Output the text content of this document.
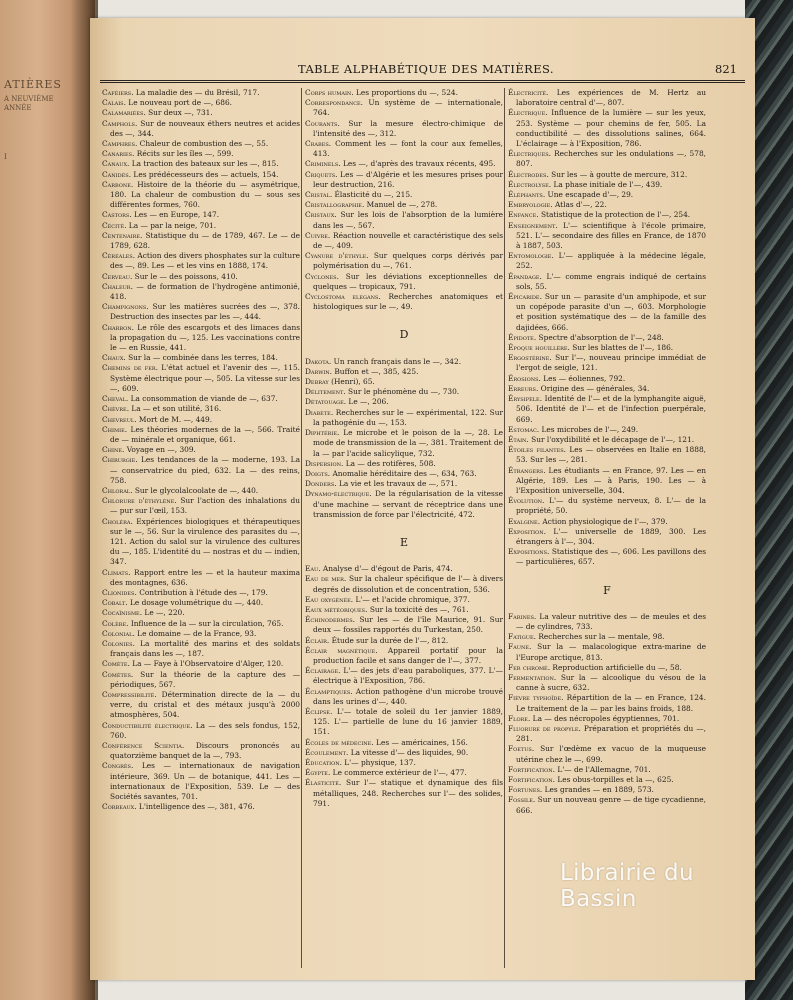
ATIÈRES
A NEUVIÈME ANNÉE
I
TABLE ALPHABÉTIQUE DES MATIÈRES.	821

Caféiers. La maladie des — du Brésil, 717.

Calais. Le nouveau port de —, 686.

Calamariées. Sur deux —, 731.

Camphols. Sur de nouveaux éthers neutres et acides des —, 344.

Camphres. Chaleur de combustion des —, 55.

Canaries. Récits sur les îles —, 599.

Canaux. La traction des bateaux sur les —, 815.

Canidés. Les prédécesseurs des — actuels, 154.

Carbone. Histoire de la théorie du — asymétrique, 180. La chaleur de combustion du — sous ses différentes formes, 760.

Castors. Les — en Europe, 147.

Cécité. La — par la neige, 701.

Centenaire. Statistique du — de 1789, 467. Le — de 1789, 628.

Céréales. Action des divers phosphates sur la culture des —, 89. Les — et les vins en 1888, 174.

Cerveau. Sur le — des poissons, 410.

Chaleur. — de formation de l'hydrogène antimonié, 418.

Champignons. Sur les matières sucrées des —, 378. Destruction des insectes par les —, 444.

Charbon. Le rôle des escargots et des limaces dans la propagation du —, 125. Les vaccinations contre le — en Russie, 441.

Chaux. Sur la — combinée dans les terres, 184.

Chemins de fer. L'état actuel et l'avenir des —, 115. Système électrique pour —, 505. La vitesse sur les —, 609.

Cheval. La consommation de viande de —, 637.

Chèvre. La — et son utilité, 316.

Chevreul. Mort de M. —, 449.

Chimie. Les théories modernes de la —, 566. Traité de — minérale et organique, 661.

Chine. Voyage en —, 309.

Chirurgie. Les tendances de la — moderne, 193. La — conservatrice du pied, 632. La — des reins, 758.

Chloral. Sur le glycolalcoolate de —, 440.

Chlorure d'éthylène. Sur l'action des inhalations du — pur sur l'œil, 153.

Choléra. Expériences biologiques et thérapeutiques sur le —, 56. Sur la virulence des parasites du —, 121. Action du salol sur la virulence des cultures du —, 185. L'identité du — nostras et du — indien, 347.

Climats. Rapport entre les — et la hauteur maxima des montagnes, 636.

Clionides. Contribution à l'étude des —, 179.

Cobalt. Le dosage volumétrique du —, 440.

Cocaïnisme. Le —, 220.

Colère. Influence de la — sur la circulation, 765.

Colonial. Le domaine — de la France, 93.

Colonies. La mortalité des marins et des soldats français dans les —, 187.

Comète. La — Faye à l'Observatoire d'Alger, 120.

Comètes. Sur la théorie de la capture des — périodiques, 567.

Compressibilité. Détermination directe de la — du verre, du cristal et des métaux jusqu'à 2000 atmosphères, 504.

Conductibilité électrique. La — des sels fondus, 152, 760.

Conférence Scientia. Discours prononcés au quatorzième banquet de la —, 793.

Congrès. Les — internationaux de navigation intérieure, 369. Un — de botanique, 441. Les — internationaux de l'Exposition, 539. Le — des Sociétés savantes, 701.

Corbeaux. L'intelligence des —, 381, 476.

Corps humain. Les proportions du —, 524.

Correspondance. Un système de — internationale, 764.

Courants. Sur la mesure électro-chimique de l'intensité des —, 312.

Crabes. Comment les — font la cour aux femelles, 413.

Criminels. Les —, d'après des travaux récents, 495.

Criquets. Les — d'Algérie et les mesures prises pour leur destruction, 216.

Cristal. Élasticité du —, 215.

Cristallographie. Manuel de —, 278.

Cristaux. Sur les lois de l'absorption de la lumière dans les —, 567.

Cuivre. Réaction nouvelle et caractéristique des sels de —, 409.

Cyanure d'éthyle. Sur quelques corps dérivés par polymérisation du —, 761.

Cyclones. Sur les déviations exceptionnelles de quelques — tropicaux, 791.

Cyclostoma elegans. Recherches anatomiques et histologiques sur le —, 49.

D

Dakota. Un ranch français dans le —, 342.

Darwin. Buffon et —, 385, 425.

Debray (Henri), 65.

Délitement. Sur le phénomène du —, 730.

Détatouage. Le —, 206.

Diabète. Recherches sur le — expérimental, 122. Sur la pathogénie du —, 153.

Diphtérie. Le microbe et le poison de la —, 28. Le mode de transmission de la —, 381. Traitement de la — par l'acide salicylique, 732.

Dispersion. La — des rotifères, 508.

Doigts. Anomalie héréditaire des —, 634, 763.

Donders. La vie et les travaux de —, 571.

Dynamo-électrique. De la régularisation de la vitesse d'une machine — servant de réceptrice dans une transmission de force par l'électricité, 472.

E

Eau. Analyse d'— d'égout de Paris, 474.

Eau de mer. Sur la chaleur spécifique de l'— à divers degrés de dissolution et de concentration, 536.

Eau oxygénée. L'— et l'acide chromique, 377.

Eaux météoriques. Sur la toxicité des —, 761.

Échinodermes. Sur les — de l'île Maurice, 91. Sur deux — fossiles rapportés du Turkestan, 250.

Éclair. Étude sur la durée de l'—, 812.

Éclair magnétique. Appareil portatif pour la production facile et sans danger de l'—, 377.

Éclairage. L'— des jets d'eau paraboliques, 377. L'— électrique à l'Exposition, 786.

Éclamptiques. Action pathogène d'un microbe trouvé dans les urines d'—, 440.

Éclipse. L'— totale de soleil du 1er janvier 1889, 125. L'— partielle de lune du 16 janvier 1889, 151.

Écoles de médecine. Les — américaines, 156.

Écoulement. La vitesse d'— des liquides, 90.

Éducation. L'— physique, 137.

Égypte. Le commerce extérieur de l'—, 477.

Élasticité. Sur l'— statique et dynamique des fils métalliques, 248. Recherches sur l'— des solides, 791.

Électricité. Les expériences de M. Hertz au laboratoire central d'—, 807.

Électrique. Influence de la lumière — sur les yeux, 253. Système — pour chemins de fer, 505. La conductibilité — des dissolutions salines, 664. L'éclairage — à l'Exposition, 786.

Électriques. Recherches sur les ondulations —, 578, 807.

Électrodes. Sur les — à goutte de mercure, 312.

Électrolyse. La phase initiale de l'—, 439.

Éléphants. Une escapade d'—, 29.

Embryologie. Atlas d'—, 22.

Enfance. Statistique de la protection de l'—, 254.

Enseignement. L'— scientifique à l'école primaire, 521. L'— secondaire des filles en France, de 1870 à 1887, 503.

Entomologie. L'— appliquée à la médecine légale, 252.

Épandage. L'— comme engrais indiqué de certains sols, 55.

Épicaride. Sur un — parasite d'un amphipode, et sur un copépode parasite d'un —, 603. Morphologie et position systématique des — de la famille des dajidées, 666.

Épidote. Spectre d'absorption de l'—, 248.

Époque houillère. Sur les blattes de l'—, 186.

Ergostérine. Sur l'—, nouveau principe immédiat de l'ergot de seigle, 121.

Érosions. Les — éoliennes, 792.

Erreurs. Origine des — générales, 34.

Érysipèle. Identité de l'— et de la lymphangite aiguë, 506. Identité de l'— et de l'infection puerpérale, 669.

Estomac. Les microbes de l'—, 249.

Étain. Sur l'oxydibilité et le décapage de l'—, 121.

Étoiles filantes. Les — observées en Italie en 1888, 53. Sur les —, 281.

Étrangers. Les étudiants — en France, 97. Les — en Algérie, 189. Les — à Paris, 190. Les — à l'Exposition universelle, 304.

Évolution. L'— du système nerveux, 8. L'— de la propriété, 50.

Exalgine. Action physiologique de l'—, 379.

Exposition. L'— universelle de 1889, 300. Les étrangers à l'—, 304.

Expositions. Statistique des —, 606. Les pavillons des — particulières, 657.

F

Farines. La valeur nutritive des — de meules et des — de cylindres, 733.

Fatigue. Recherches sur la — mentale, 98.

Faune. Sur la — malacologique extra-marine de l'Europe arctique, 813.

Fer chromé. Reproduction artificielle du —, 58.

Fermentation. Sur la — alcoolique du vésou de la canne à sucre, 632.

Fièvre typhoïde. Répartition de la — en France, 124. Le traitement de la — par les bains froids, 188.

Flore. La — des nécropoles égyptiennes, 701.

Fluorure de propyle. Préparation et propriétés du —, 281.

Foetus. Sur l'œdème ex vacuo de la muqueuse utérine chez le —, 699.

Fortification. L'— de l'Allemagne, 701.

Fortification. Les obus-torpilles et la —, 625.

Fortunes. Les grandes — en 1889, 573.

Fossile. Sur un nouveau genre — de tige cycadienne, 666.

Librairie du Bassin
